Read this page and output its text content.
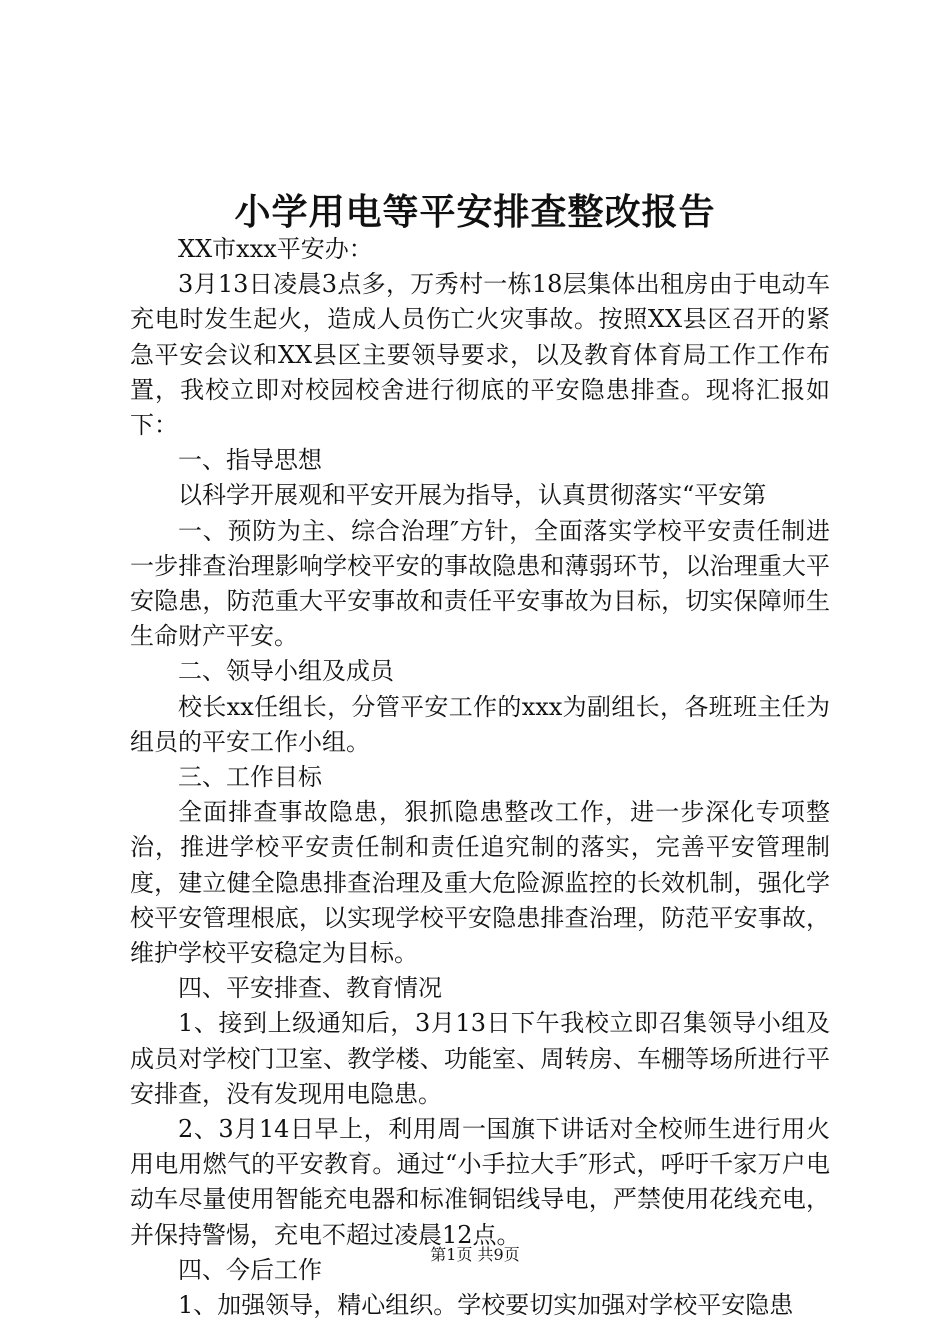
小学用电等平安排查整改报告

XX市xxx平安办：

3月13日凌晨3点多，万秀村一栋18层集体出租房由于电动车充电时发生起火，造成人员伤亡火灾事故。按照XX县区召开的紧急平安会议和XX县区主要领导要求，以及教育体育局工作工作布置，我校立即对校园校舍进行彻底的平安隐患排查。现将汇报如下：

一、指导思想

以科学开展观和平安开展为指导，认真贯彻落实“平安第

一、预防为主、综合治理″方针，全面落实学校平安责任制进一步排查治理影响学校平安的事故隐患和薄弱环节，以治理重大平安隐患，防范重大平安事故和责任平安事故为目标，切实保障师生生命财产平安。

二、领导小组及成员

校长xx任组长，分管平安工作的xxx为副组长，各班班主任为组员的平安工作小组。

三、工作目标

全面排查事故隐患，狠抓隐患整改工作，进一步深化专项整治，推进学校平安责任制和责任追究制的落实，完善平安管理制度，建立健全隐患排查治理及重大危险源监控的长效机制，强化学校平安管理根底，以实现学校平安隐患排查治理，防范平安事故，维护学校平安稳定为目标。

四、平安排查、教育情况

1、接到上级通知后，3月13日下午我校立即召集领导小组及成员对学校门卫室、教学楼、功能室、周转房、车棚等场所进行平安排查，没有发现用电隐患。

2、3月14日早上，利用周一国旗下讲话对全校师生进行用火用电用燃气的平安教育。通过“小手拉大手″形式，呼吁千家万户电动车尽量使用智能充电器和标准铜铝线导电，严禁使用花线充电，并保持警惕，充电不超过凌晨12点。

四、今后工作

1、加强领导，精心组织。学校要切实加强对学校平安隐患

第1页 共9页
